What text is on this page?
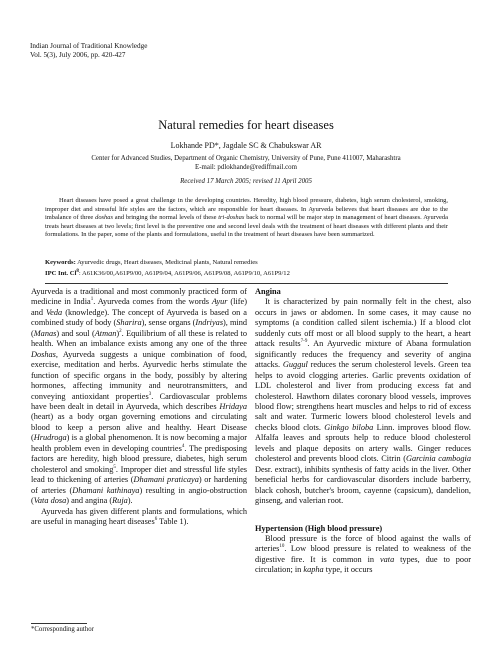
Indian Journal of Traditional Knowledge
Vol. 5(3), July 2006, pp. 420-427
Natural remedies for heart diseases
Lokhande PD*, Jagdale SC & Chabukswar AR
Center for Advanced Studies, Department of Organic Chemistry, University of Pune, Pune 411007, Maharashtra
E-mail: pdlokhande@rediffmail.com
Received 17 March 2005; revised 11 April 2005

Heart diseases have posed a great challenge in the developing countries. Heredity, high blood pressure, diabetes, high serum cholesterol, smoking, improper diet and stressful life styles are the factors, which are responsible for heart diseases. In Ayurveda believes that heart diseases are due to the imbalance of three doshas and bringing the normal levels of these tri-doshas back to normal will be major step in management of heart diseases. Ayurveda treats heart diseases at two levels; first level is the preventive one and second level deals with the treatment of heart diseases with different plants and their formulations. In the paper, some of the plants and formulations, useful in the treatment of heart diseases have been summarized.

Keywords: Ayurvedic drugs, Heart diseases, Medicinal plants, Natural remedies
IPC Int. Cl$^8$: A61K36/00,A61P9/00, A61P9/04, A61P9/06, A61P9/08, A61P9/10, A61P9/12

Ayurveda is a traditional and most commonly practiced form of medicine in India$^1$. Ayurveda comes from the words Ayur (life) and Veda (knowledge). The concept of Ayurveda is based on a combined study of body (Sharira), sense organs (Indriyas), mind (Manas) and soul (Atman)$^2$. Equilibrium of all these is related to health. When an imbalance exists among any one of the three Doshas, Ayurveda suggests a unique combination of food, exercise, meditation and herbs. Ayurvedic herbs stimulate the function of specific organs in the body, possibly by altering hormones, affecting immunity and neurotransmitters, and conveying antioxidant properties$^3$. Cardiovascular problems have been dealt in detail in Ayurveda, which describes Hridaya (heart) as a body organ governing emotions and circulating blood to keep a person alive and healthy. Heart Disease (Hrudroga) is a global phenomenon. It is now becoming a major health problem even in developing countries$^4$. The predisposing factors are heredity, high blood pressure, diabetes, high serum cholesterol and smoking$^5$. Improper diet and stressful life styles lead to thickening of arteries (Dhamani praticaya) or hardening of arteries (Dhamani kathinaya) resulting in angio-obstruction (Vata dosa) and angina (Ruja).

Ayurveda has given different plants and formulations, which are useful in managing heart diseases$^6$ Table 1).

*Corresponding author

Angina

It is characterized by pain normally felt in the chest, also occurs in jaws or abdomen. In some cases, it may cause no symptoms (a condition called silent ischemia.) If a blood clot suddenly cuts off most or all blood supply to the heart, a heart attack results$^{7-9}$. An Ayurvedic mixture of Abana formulation significantly reduces the frequency and severity of angina attacks. Guggul reduces the serum cholesterol levels. Green tea helps to avoid clogging arteries. Garlic prevents oxidation of LDL cholesterol and liver from producing excess fat and cholesterol. Hawthorn dilates coronary blood vessels, improves blood flow; strengthens heart muscles and helps to rid of excess salt and water. Turmeric lowers blood cholesterol levels and checks blood clots. Ginkgo biloba Linn. improves blood flow. Alfalfa leaves and sprouts help to reduce blood cholesterol levels and plaque deposits on artery walls. Ginger reduces cholesterol and prevents blood clots. Citrin (Garcinia cambogia Desr. extract), inhibits synthesis of fatty acids in the liver. Other beneficial herbs for cardiovascular disorders include barberry, black cohosh, butcher's broom, cayenne (capsicum), dandelion, ginseng, and valerian root.

Hypertension (High blood pressure)

Blood pressure is the force of blood against the walls of arteries$^{10}$. Low blood pressure is related to weakness of the digestive fire. It is common in vata types, due to poor circulation; in kapha type, it occurs
